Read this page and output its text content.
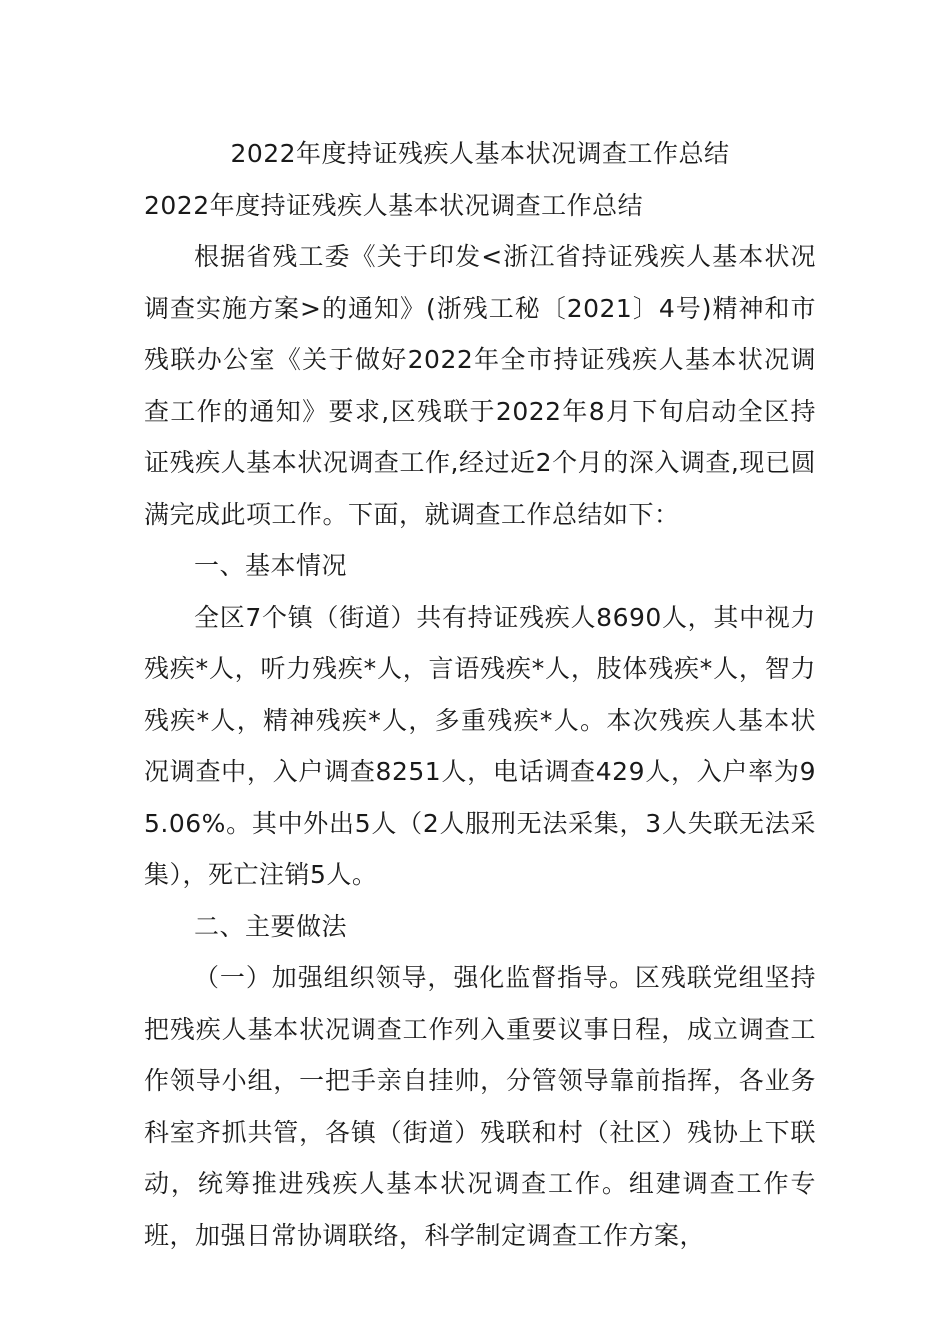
2022年度持证残疾人基本状况调查工作总结

2022年度持证残疾人基本状况调查工作总结

根据省残工委《关于印发<浙江省持证残疾人基本状况调查实施方案>的通知》(浙残工秘〔2021〕4号)精神和市残联办公室《关于做好2022年全市持证残疾人基本状况调查工作的通知》要求,区残联于2022年8月下旬启动全区持证残疾人基本状况调查工作,经过近2个月的深入调查,现已圆满完成此项工作。下面，就调查工作总结如下：

一、基本情况

全区7个镇（街道）共有持证残疾人8690人，其中视力残疾*人，听力残疾*人，言语残疾*人，肢体残疾*人，智力残疾*人，精神残疾*人，多重残疾*人。本次残疾人基本状况调查中，入户调查8251人，电话调查429人，入户率为95.06%。其中外出5人（2人服刑无法采集，3人失联无法采集），死亡注销5人。

二、主要做法

（一）加强组织领导，强化监督指导。区残联党组坚持把残疾人基本状况调查工作列入重要议事日程，成立调查工作领导小组，一把手亲自挂帅，分管领导靠前指挥，各业务科室齐抓共管，各镇（街道）残联和村（社区）残协上下联动，统筹推进残疾人基本状况调查工作。组建调查工作专班，加强日常协调联络，科学制定调查工作方案，
